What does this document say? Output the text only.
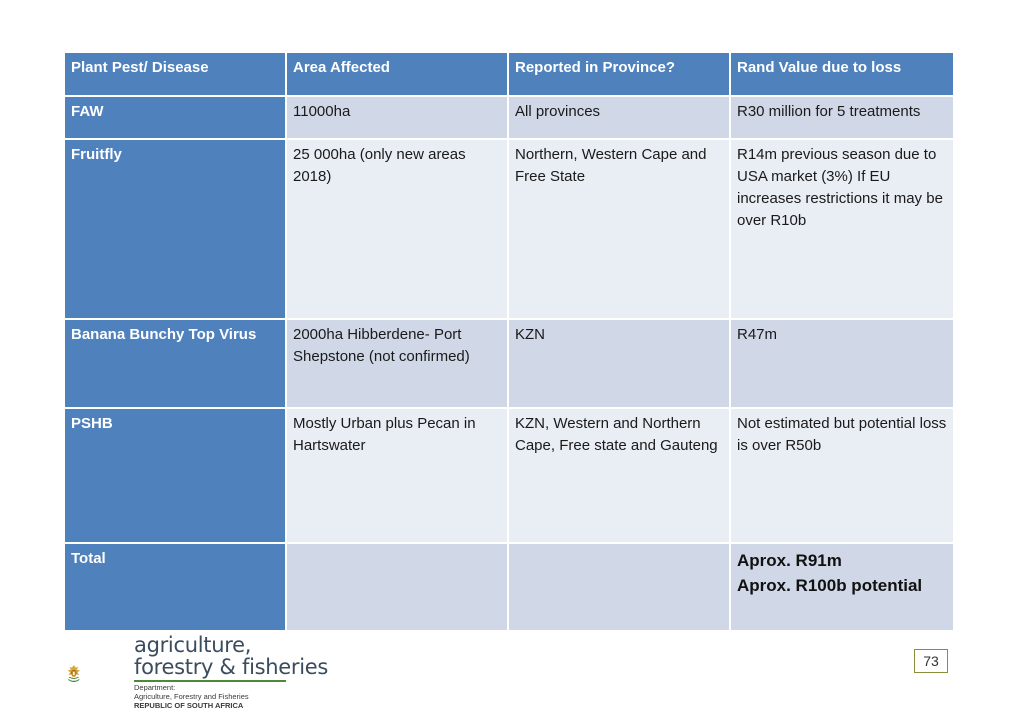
Plant Pest/ Disease	Area Affected	Reported in Province?	Rand Value due to loss
FAW	11000ha	All provinces	R30 million for 5 treatments
Fruitfly	25 000ha (only new areas 2018)	Northern, Western Cape and Free State	R14m previous season due to USA market (3%) If EU increases restrictions it may be over R10b
Banana Bunchy Top Virus	2000ha Hibberdene- Port Shepstone (not confirmed)	KZN	R47m
PSHB	Mostly Urban plus Pecan in Hartswater	KZN, Western and Northern Cape, Free state and Gauteng	Not estimated but potential loss is over R50b
Total			Aprox. R91m
Aprox. R100b potential
agriculture,
forestry & fisheries
Department:
Agriculture, Forestry and Fisheries
REPUBLIC OF SOUTH AFRICA
73
